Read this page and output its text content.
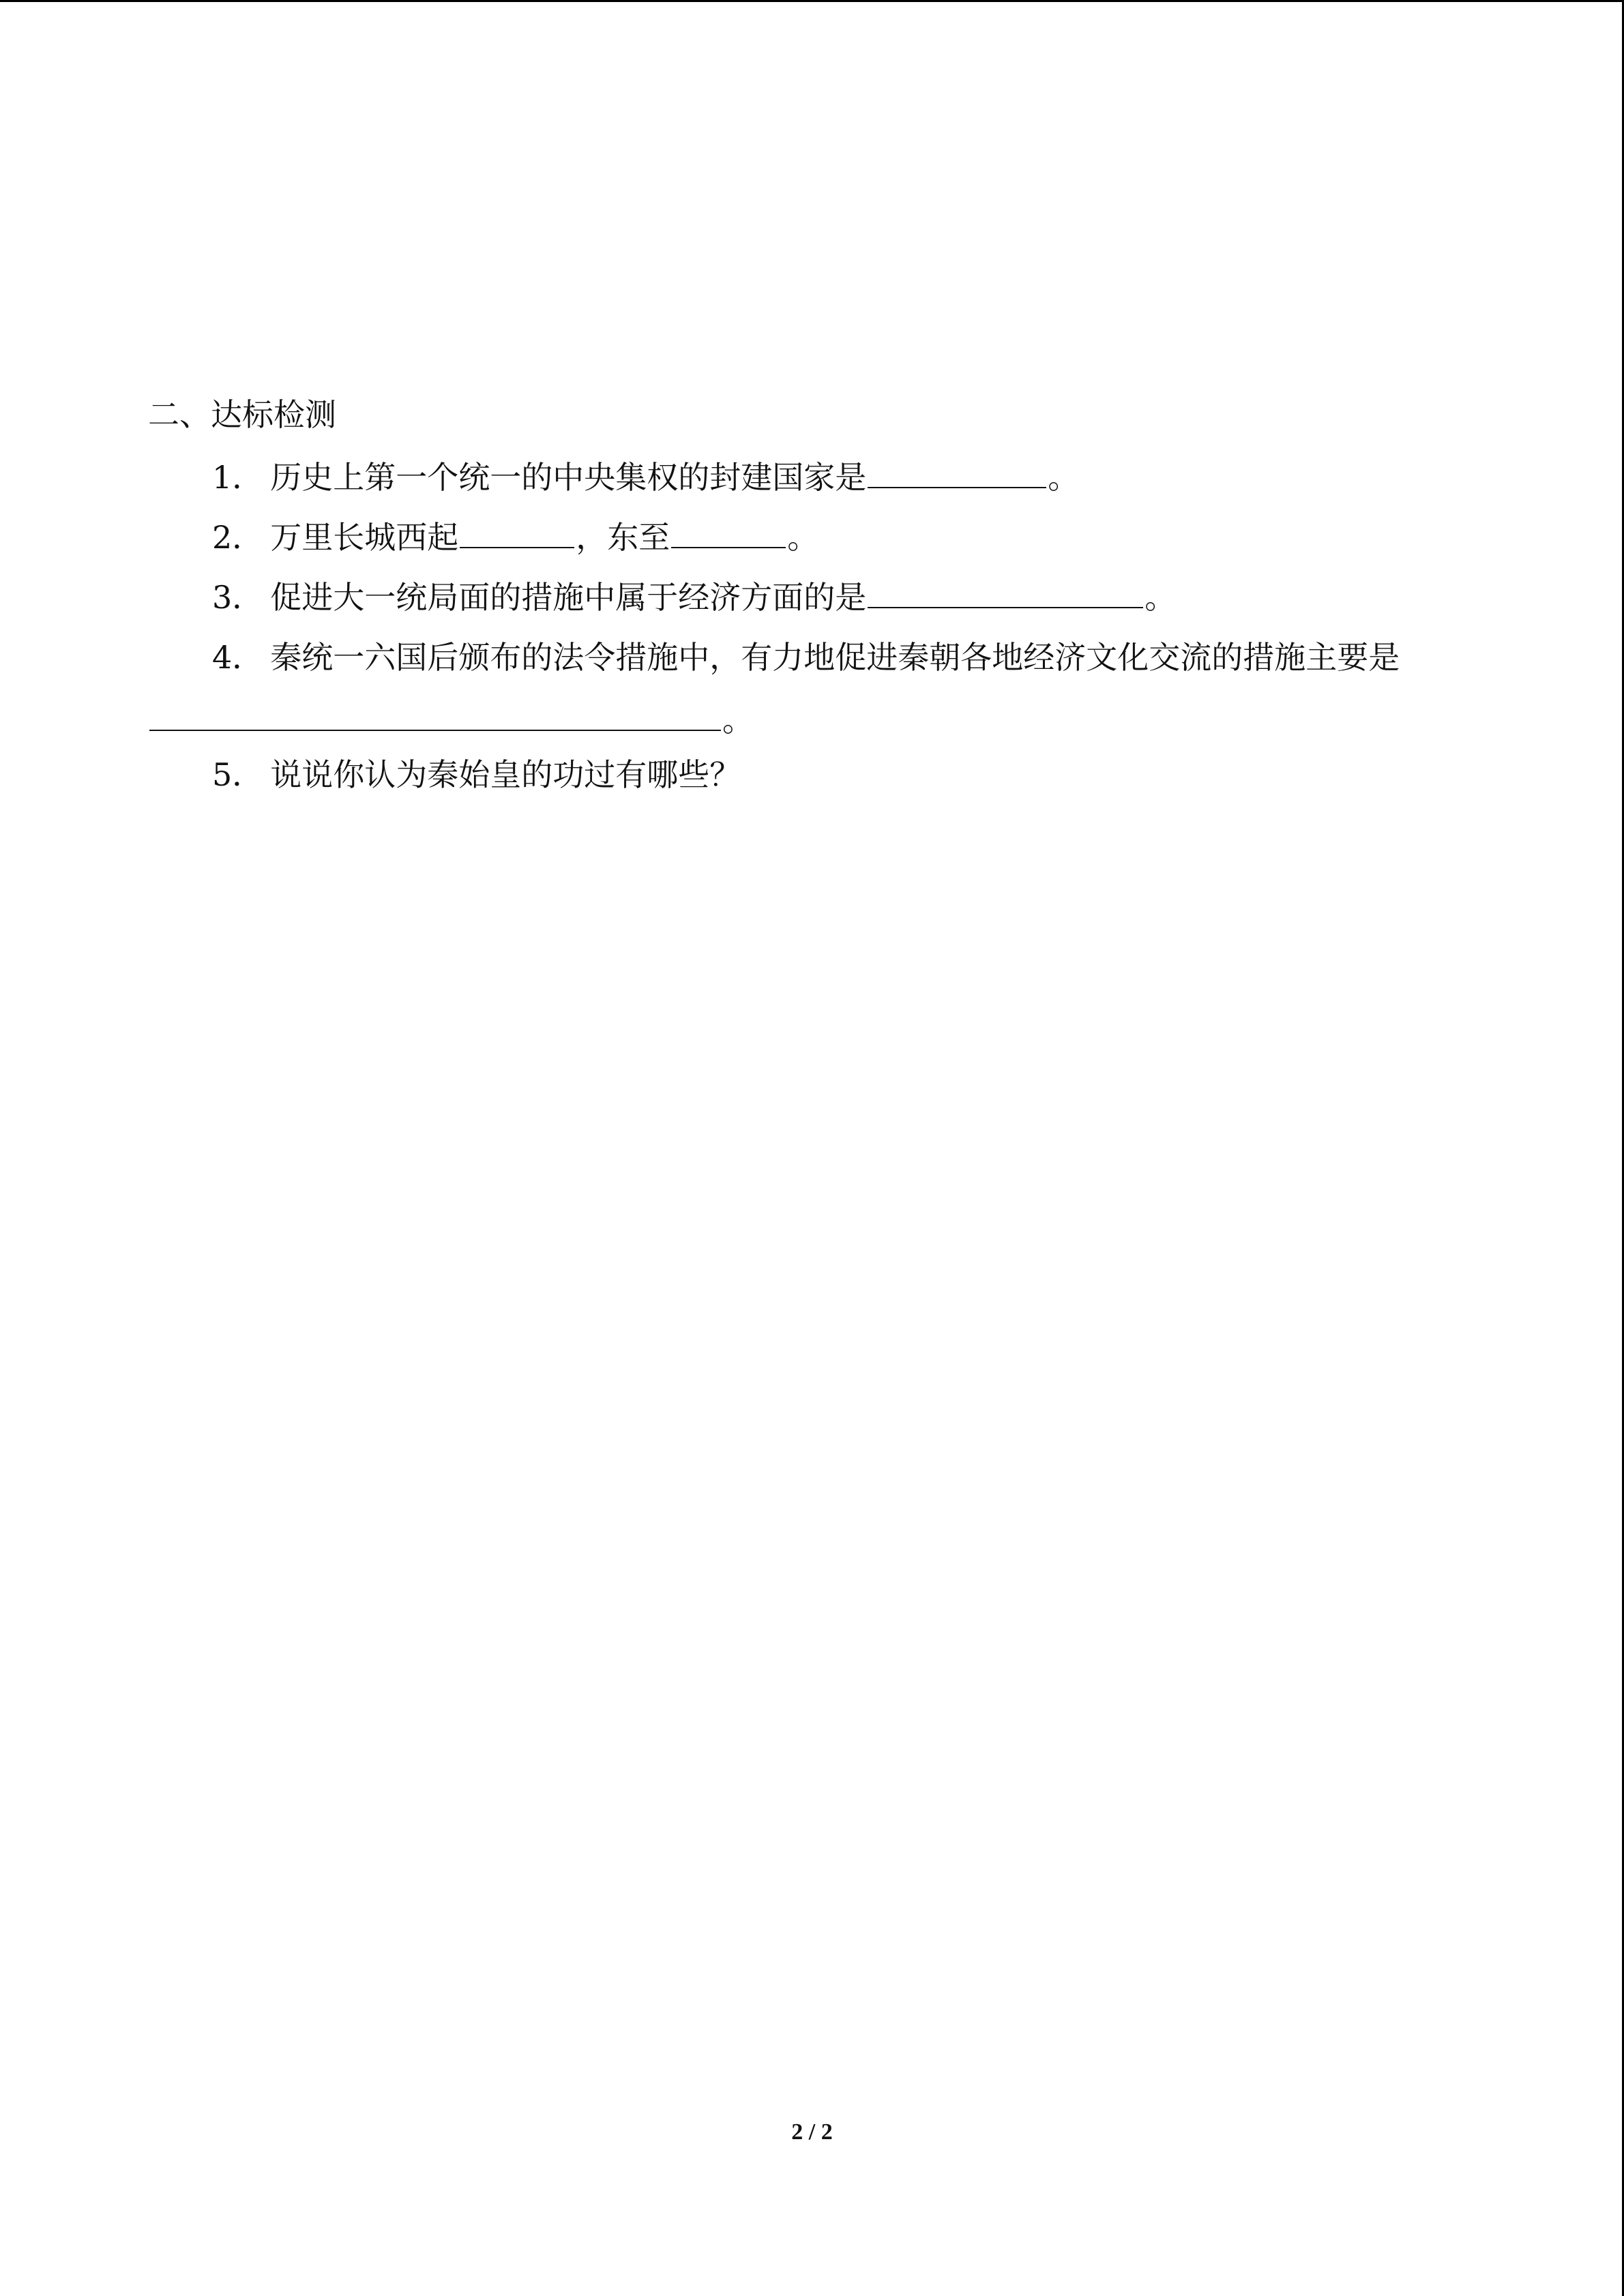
二、达标检测
1． 历史上第一个统一的中央集权的封建国家是	。
2． 万里长城西起	，东至	。
3． 促进大一统局面的措施中属于经济方面的是	。
4． 秦统一六国后颁布的法令措施中，有力地促进秦朝各地经济文化交流的措施主要是
。
5． 说说你认为秦始皇的功过有哪些？
2 / 2
